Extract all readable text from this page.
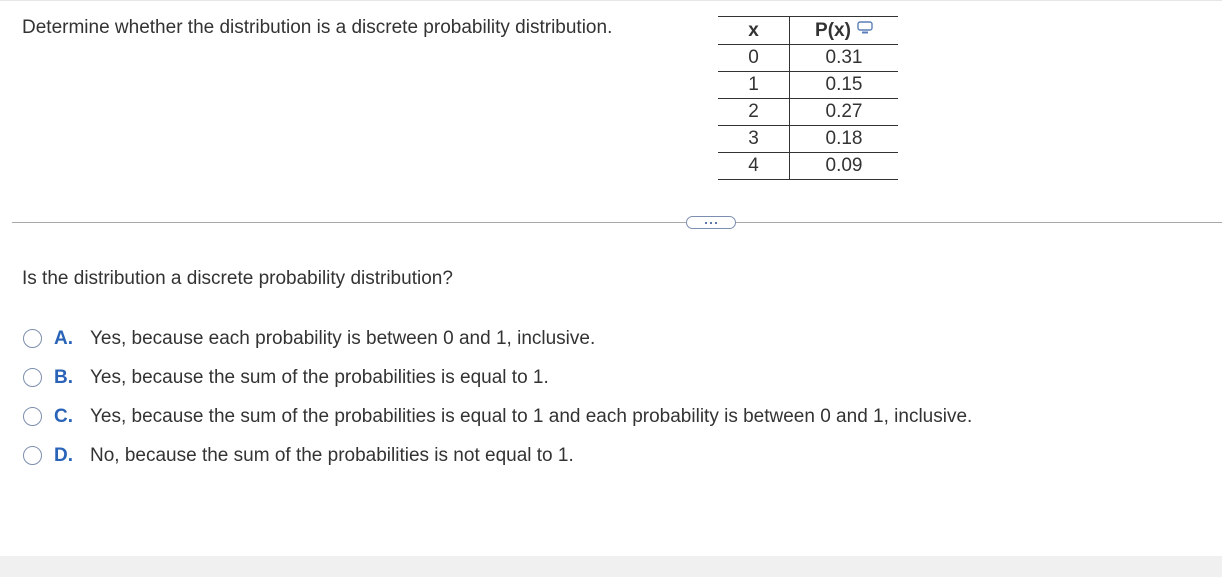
Determine whether the distribution is a discrete probability distribution.	x	P(x)
0	0.31
1	0.15
2	0.27
3	0.18
4	0.09
Is the distribution a discrete probability distribution?
A. Yes, because each probability is between 0 and 1, inclusive.
B. Yes, because the sum of the probabilities is equal to 1.
C. Yes, because the sum of the probabilities is equal to 1 and each probability is between 0 and 1, inclusive.
D. No, because the sum of the probabilities is not equal to 1.
